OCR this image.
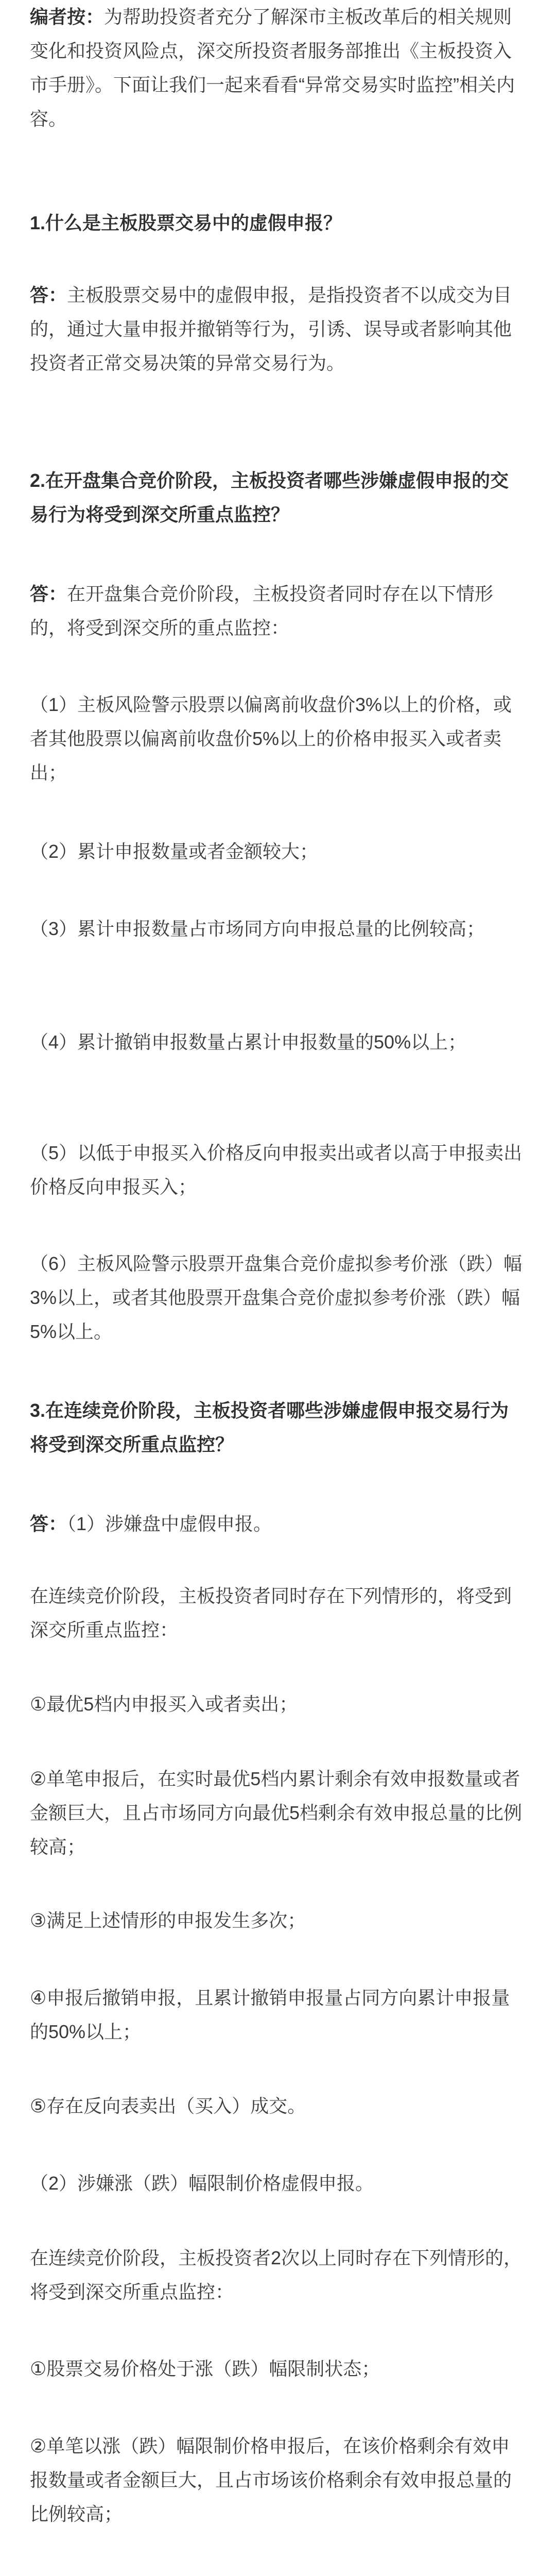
编者按：为帮助投资者充分了解深市主板改革后的相关规则变化和投资风险点，深交所投资者服务部推出《主板投资入市手册》。下面让我们一起来看看“异常交易实时监控”相关内容。
1.什么是主板股票交易中的虚假申报？
答：主板股票交易中的虚假申报，是指投资者不以成交为目的，通过大量申报并撤销等行为，引诱、误导或者影响其他投资者正常交易决策的异常交易行为。
2.在开盘集合竞价阶段，主板投资者哪些涉嫌虚假申报的交易行为将受到深交所重点监控？
答：在开盘集合竞价阶段，主板投资者同时存在以下情形的，将受到深交所的重点监控：
（1）主板风险警示股票以偏离前收盘价3%以上的价格，或者其他股票以偏离前收盘价5%以上的价格申报买入或者卖出；
（2）累计申报数量或者金额较大；
（3）累计申报数量占市场同方向申报总量的比例较高；
（4）累计撤销申报数量占累计申报数量的50%以上；
（5）以低于申报买入价格反向申报卖出或者以高于申报卖出价格反向申报买入；
（6）主板风险警示股票开盘集合竞价虚拟参考价涨（跌）幅3%以上，或者其他股票开盘集合竞价虚拟参考价涨（跌）幅5%以上。
3.在连续竞价阶段，主板投资者哪些涉嫌虚假申报交易行为将受到深交所重点监控？
答：（1）涉嫌盘中虚假申报。
在连续竞价阶段，主板投资者同时存在下列情形的，将受到深交所重点监控：
①最优5档内申报买入或者卖出；
②单笔申报后，在实时最优5档内累计剩余有效申报数量或者金额巨大，且占市场同方向最优5档剩余有效申报总量的比例较高；
③满足上述情形的申报发生多次；
④申报后撤销申报，且累计撤销申报量占同方向累计申报量的50%以上；
⑤存在反向表卖出（买入）成交。
（2）涉嫌涨（跌）幅限制价格虚假申报。
在连续竞价阶段，主板投资者2次以上同时存在下列情形的，将受到深交所重点监控：
①股票交易价格处于涨（跌）幅限制状态；
②单笔以涨（跌）幅限制价格申报后，在该价格剩余有效申报数量或者金额巨大，且占市场该价格剩余有效申报总量的比例较高；
